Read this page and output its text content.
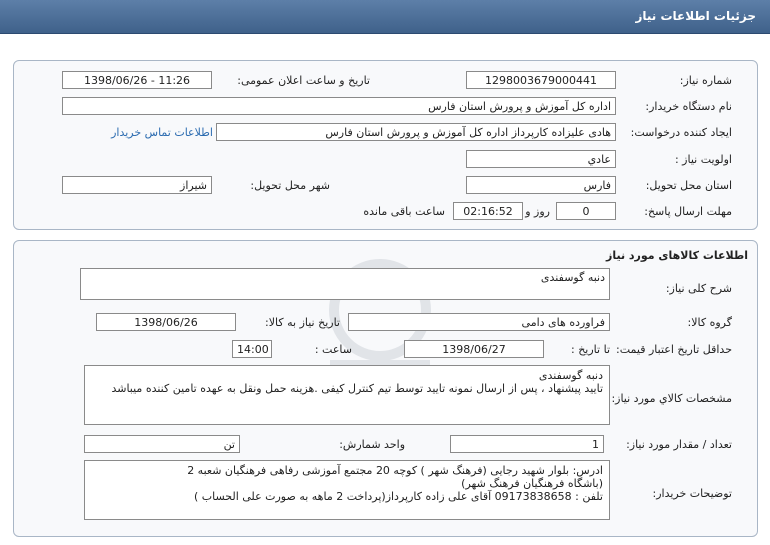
جزئیات اطلاعات نیاز
شماره نیاز:
1298003679000441
تاریخ و ساعت اعلان عمومی:
1398/06/26 - 11:26
نام دستگاه خریدار:
اداره کل آموزش و پرورش استان فارس
ایجاد کننده درخواست:
هادی علیزاده کارپرداز اداره کل آموزش و پرورش استان فارس
اطلاعات تماس خریدار
اولویت نیاز :
عادي
استان محل تحویل:
فارس
شهر محل تحویل:
شیراز
مهلت ارسال پاسخ:
0
روز و
02:16:52
ساعت باقی مانده
اطلاعات کالاهای مورد نیاز
شرح کلی نیاز:
دنبه گوسفندی
گروه کالا:
فراورده های دامی
تاریخ نیاز به کالا:
1398/06/26
حداقل تاریخ اعتبار قیمت:
تا تاریخ :
1398/06/27
ساعت :
14:00
مشخصات کالاي مورد نیاز:
دنبه گوسفندی
تایید پیشنهاد ، پس از ارسال نمونه تایید توسط تیم کنترل کیفی .هزینه حمل ونقل به عهده تامین کننده میباشد
تعداد / مقدار مورد نیاز:
1
واحد شمارش:
تن
توضیحات خریدار:
ادرس: بلوار شهید رجایی (فرهنگ شهر ) کوچه 20 مجتمع آموزشی رفاهی فرهنگیان شعبه 2
(باشگاه فرهنگیان فرهنگ شهر)
تلفن : 09173838658 آقای علی زاده کارپرداز(پرداخت 2 ماهه به صورت علی الحساب )
